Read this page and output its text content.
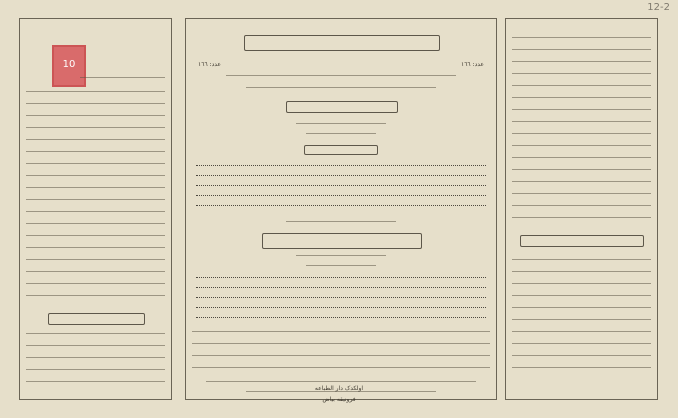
12-2
10	عدد: ١٦٦	عدد: ١٦٦
اولکدک دار الطباعه
فرونیقه بیاض
